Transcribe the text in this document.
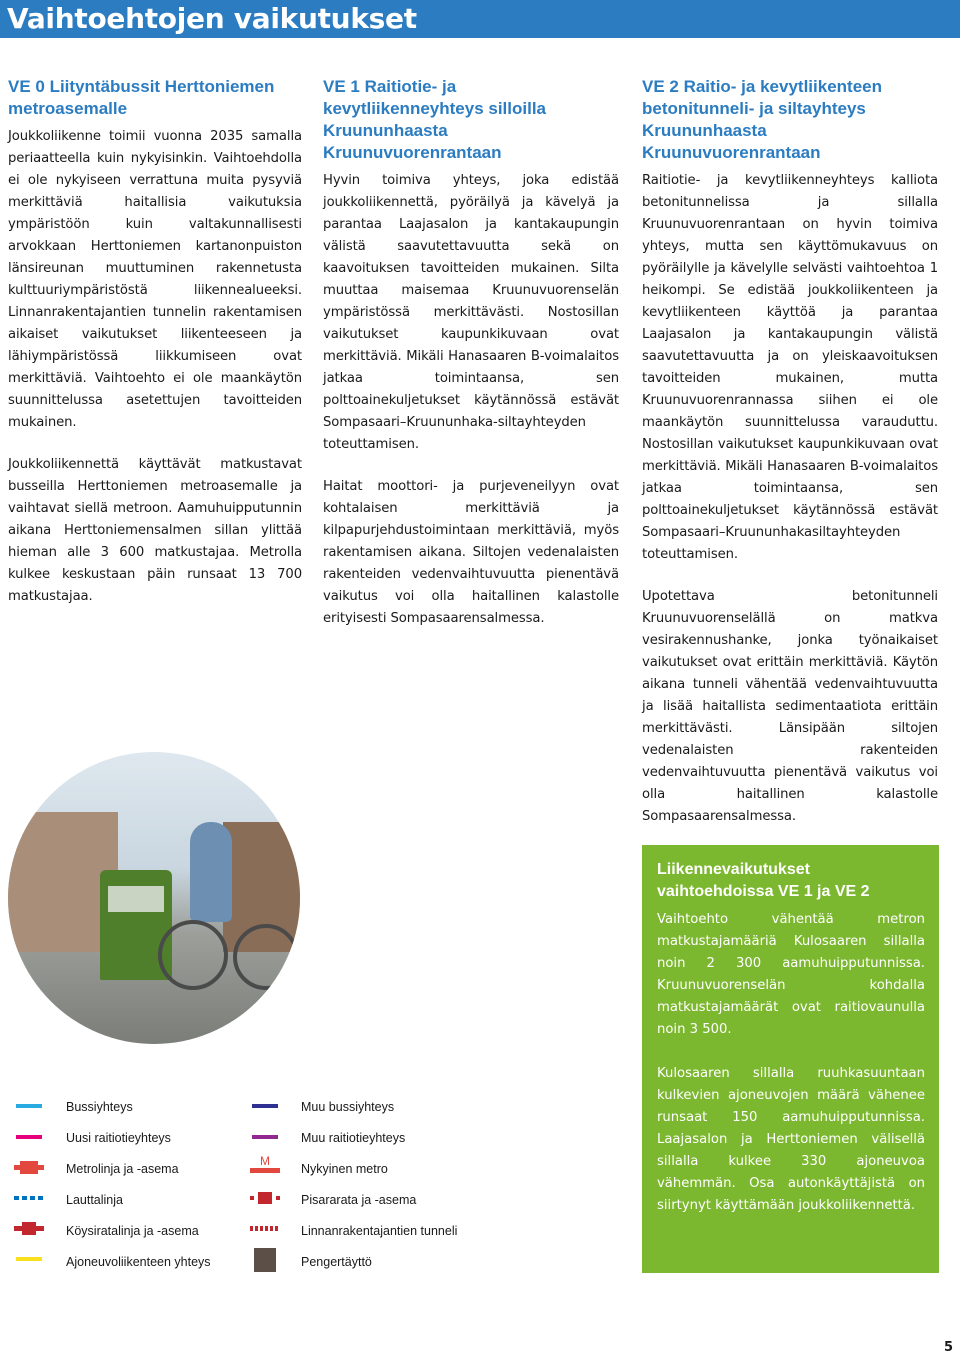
Vaihtoehtojen vaikutukset
VE 0 Liityntäbussit Herttoniemen metroasemalle

Joukkoliikenne toimii vuonna 2035 samalla periaatteella kuin nykyisinkin. Vaihtoehdolla ei ole nykyiseen verrattuna muita pysyviä merkittäviä haitallisia vaikutuksia ympäristöön kuin valtakunnallisesti arvokkaan Herttoniemen kartanonpuiston länsireunan muuttuminen rakennetusta kulttuuriympäristöstä liikennealueeksi. Linnanrakentajantien tunnelin rakentamisen aikaiset vaikutukset liikenteeseen ja lähiympäristössä liikkumiseen ovat merkittäviä. Vaihtoehto ei ole maankäytön suunnittelussa asetettujen tavoitteiden mukainen.

Joukkoliikennettä käyttävät matkustavat busseilla Herttoniemen metroasemalle ja vaihtavat siellä metroon. Aamuhuipputunnin aikana Herttoniemensalmen sillan ylittää hieman alle 3 600 matkustajaa. Metrolla kulkee keskustaan päin runsaat 13 700 matkustajaa.

VE 1 Raitiotie- ja kevytliikenneyhteys silloilla Kruununhaasta Kruunuvuorenrantaan

Hyvin toimiva yhteys, joka edistää joukkoliikennettä, pyöräilyä ja kävelyä ja parantaa Laajasalon ja kantakaupungin välistä saavutettavuutta sekä on kaavoituksen tavoitteiden mukainen. Silta muuttaa maisemaa Kruunuvuorenselän ympäristössä merkittävästi. Nostosillan vaikutukset kaupunkikuvaan ovat merkittäviä. Mikäli Hanasaaren B-voimalaitos jatkaa toimintaansa, sen polttoainekuljetukset käytännössä estävät Sompasaari–Kruununhaka-siltayhteyden toteuttamisen.

Haitat moottori- ja purjeveneilyyn ovat kohtalaisen merkittäviä ja kilpapurjehdustoimintaan merkittäviä, myös rakentamisen aikana. Siltojen vedenalaisten rakenteiden vedenvaihtuvuutta pienentävä vaikutus voi olla haitallinen kalastolle erityisesti Sompasaarensalmessa.

VE 2 Raitio- ja kevytliikenteen betonitunneli- ja siltayhteys Kruununhaasta Kruunuvuorenrantaan

Raitiotie- ja kevytliikenneyhteys kalliota betonitunnelissa ja sillalla Kruunuvuorenrantaan on hyvin toimiva yhteys, mutta sen käyttömukavuus on pyöräilylle ja kävelylle selvästi vaihtoehtoa 1 heikompi. Se edistää joukkoliikenteen ja kevytliikenteen käyttöä ja parantaa Laajasalon ja kantakaupungin välistä saavutettavuutta ja on yleiskaavoituksen tavoitteiden mukainen, mutta Kruunuvuorenrannassa siihen ei ole maankäytön suunnittelussa varauduttu. Nostosillan vaikutukset kaupunkikuvaan ovat merkittäviä. Mikäli Hanasaaren B-voimalaitos jatkaa toimintaansa, sen polttoainekuljetukset käytännössä estävät Sompasaari–Kruununhakasiltayhteyden toteuttamisen.

Upotettava betonitunneli Kruunuvuorenselällä on matkva vesirakennushanke, jonka työnaikaiset vaikutukset ovat erittäin merkittäviä. Käytön aikana tunneli vähentää vedenvaihtuvuutta ja lisää haitallista sedimentaatiota erittäin merkittävästi. Länsipään siltojen vedenalaisten rakenteiden vedenvaihtuvuutta pienentävä vaikutus voi olla haitallinen kalastolle Sompasaarensalmessa.

Bussiyhteys
Uusi raitiotieyhteys
Metrolinja ja -asema
Lauttalinja
Köysiratalinja ja -asema
Ajoneuvoliikenteen yhteys
M
Muu bussiyhteys
Muu raitiotieyhteys
Nykyinen metro
Pisararata ja -asema
Linnanrakentajantien tunneli
Pengertäyttö
Liikennevaikutukset vaihtoehdoissa VE 1 ja VE 2

Vaihtoehto vähentää metron matkustajamääriä Kulosaaren sillalla noin 2 300 aamuhuipputunnissa. Kruunuvuorenselän kohdalla matkustajamäärät ovat raitiovaunulla noin 3 500.

Kulosaaren sillalla ruuhkasuuntaan kulkevien ajoneuvojen määrä vähenee runsaat 150 aamuhuipputunnissa. Laajasalon ja Herttoniemen välisellä sillalla kulkee 330 ajoneuvoa vähemmän. Osa autonkäyttäjistä on siirtynyt käyttämään joukkoliikennettä.

5
